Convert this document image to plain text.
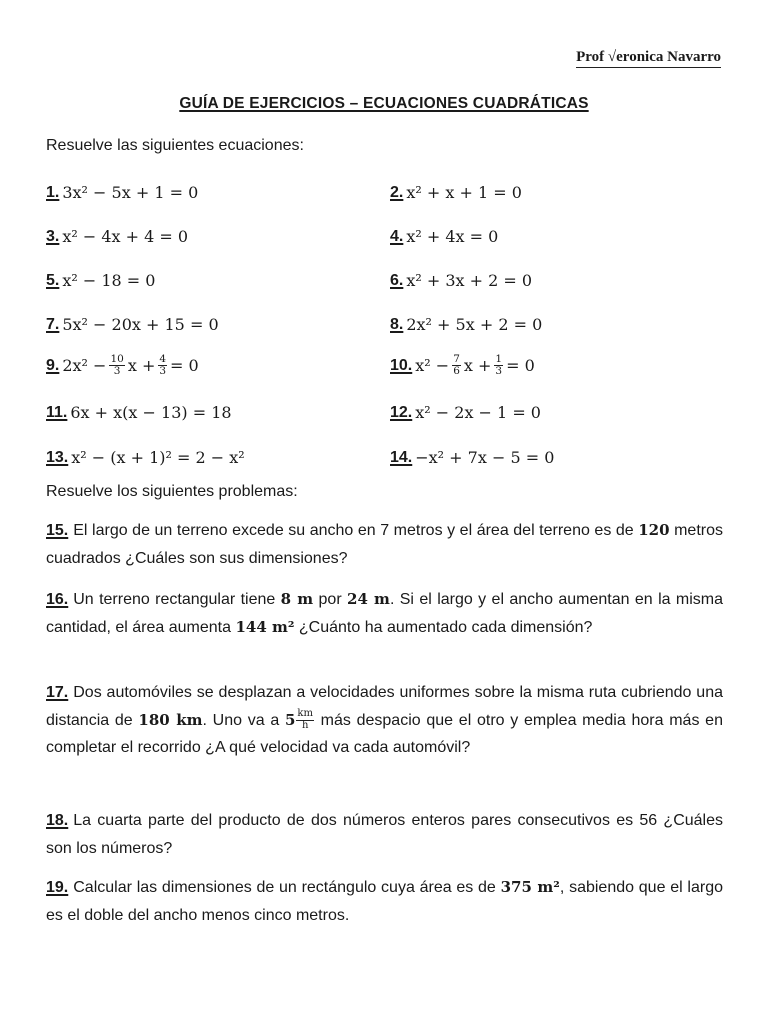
Prof √eronica Navarro
GUÍA DE EJERCICIOS – ECUACIONES CUADRÁTICAS
Resuelve las siguientes ecuaciones:
1. 3x² − 5x + 1 = 0	2. x² + x + 1 = 0
3. x² − 4x + 4 = 0	4. x² + 4x = 0
5. x² − 18 = 0	6. x² + 3x + 2 = 0
7. 5x² − 20x + 15 = 0	8. 2x² + 5x + 2 = 0
9. $2x^2 - \frac{10}{3}$ $x + \frac{4}{3} = 0$	10. $x^2 - \frac{7}{6}$ $x + \frac{1}{3} = 0$
11. 6x + x(x − 13) = 18	12. x² − 2x − 1 = 0
13. x² − (x + 1)² = 2 − x²	14. −x² + 7x − 5 = 0
Resuelve los siguientes problemas:
15. El largo de un terreno excede su ancho en 7 metros y el área del terreno es de 120 metros cuadrados ¿Cuáles son sus dimensiones?
16. Un terreno rectangular tiene 8 m por 24 m. Si el largo y el ancho aumentan en la misma cantidad, el área aumenta 144 m² ¿Cuánto ha aumentado cada dimensión?
17. Dos automóviles se desplazan a velocidades uniformes sobre la misma ruta cubriendo una distancia de 180 km. Uno va a $5 \frac{km}{h}$ más despacio que el otro y emplea media hora más en completar el recorrido ¿A qué velocidad va cada automóvil?
18. La cuarta parte del producto de dos números enteros pares consecutivos es 56 ¿Cuáles son los números?
19. Calcular las dimensiones de un rectángulo cuya área es de 375 m², sabiendo que el largo es el doble del ancho menos cinco metros.
